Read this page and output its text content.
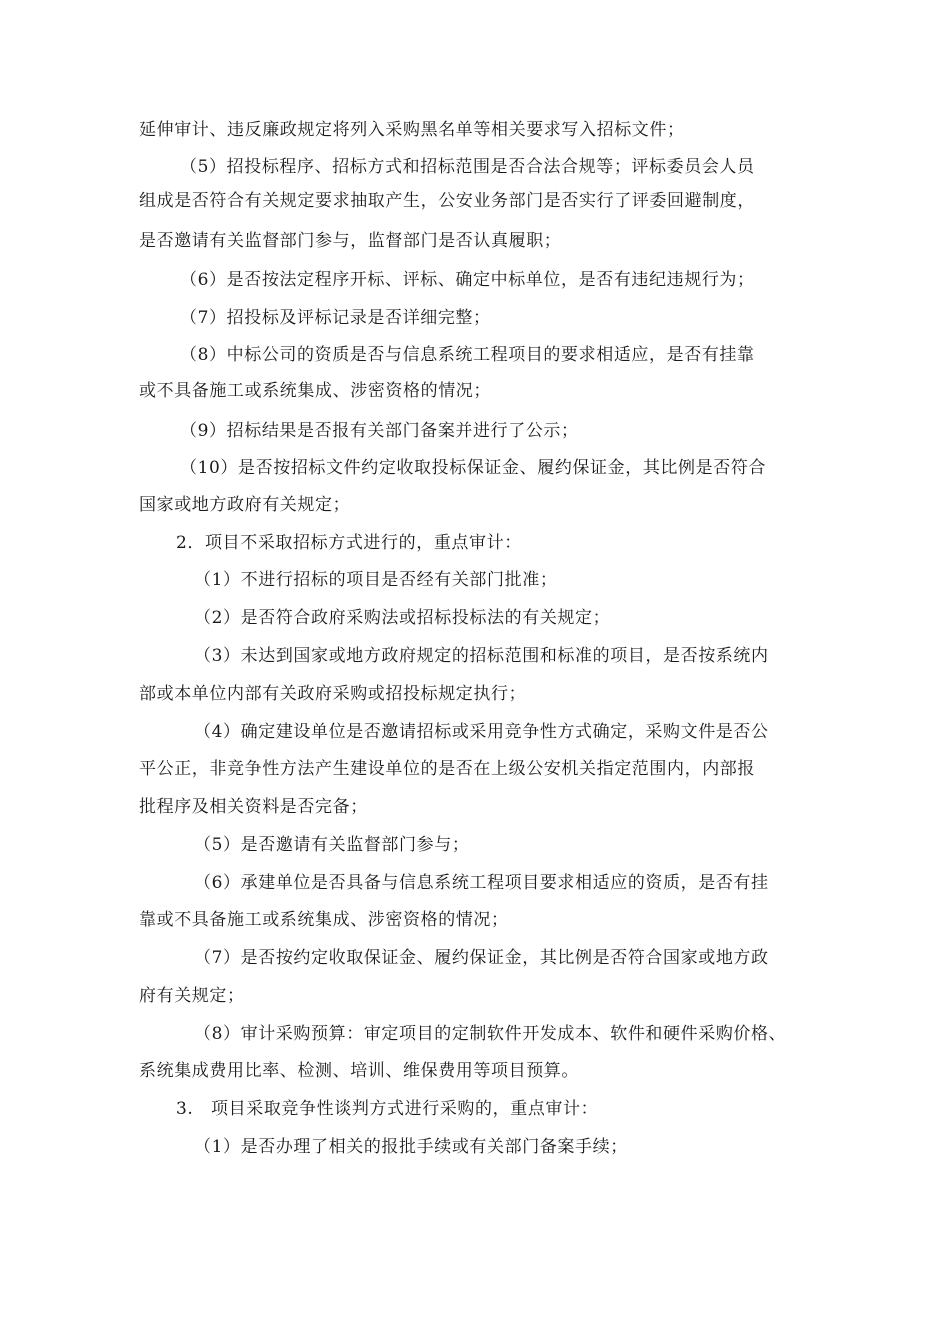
延伸审计、违反廉政规定将列入采购黑名单等相关要求写入招标文件；
（5）招投标程序、招标方式和招标范围是否合法合规等；评标委员会人员
组成是否符合有关规定要求抽取产生，公安业务部门是否实行了评委回避制度，
是否邀请有关监督部门参与，监督部门是否认真履职；
（6）是否按法定程序开标、评标、确定中标单位，是否有违纪违规行为；
（7）招投标及评标记录是否详细完整；
（8）中标公司的资质是否与信息系统工程项目的要求相适应，是否有挂靠
或不具备施工或系统集成、涉密资格的情况；
（9）招标结果是否报有关部门备案并进行了公示；
（10）是否按招标文件约定收取投标保证金、履约保证金，其比例是否符合
国家或地方政府有关规定；
2．项目不采取招标方式进行的，重点审计：
（1）不进行招标的项目是否经有关部门批准；
（2）是否符合政府采购法或招标投标法的有关规定；
（3）未达到国家或地方政府规定的招标范围和标准的项目，是否按系统内
部或本单位内部有关政府采购或招投标规定执行；
（4）确定建设单位是否邀请招标或采用竞争性方式确定，采购文件是否公
平公正，非竞争性方法产生建设单位的是否在上级公安机关指定范围内，内部报
批程序及相关资料是否完备；
（5）是否邀请有关监督部门参与；
（6）承建单位是否具备与信息系统工程项目要求相适应的资质，是否有挂
靠或不具备施工或系统集成、涉密资格的情况；
（7）是否按约定收取保证金、履约保证金，其比例是否符合国家或地方政
府有关规定；
（8）审计采购预算：审定项目的定制软件开发成本、软件和硬件采购价格、
系统集成费用比率、检测、培训、维保费用等项目预算。
3.　项目采取竞争性谈判方式进行采购的，重点审计：
（1）是否办理了相关的报批手续或有关部门备案手续；
